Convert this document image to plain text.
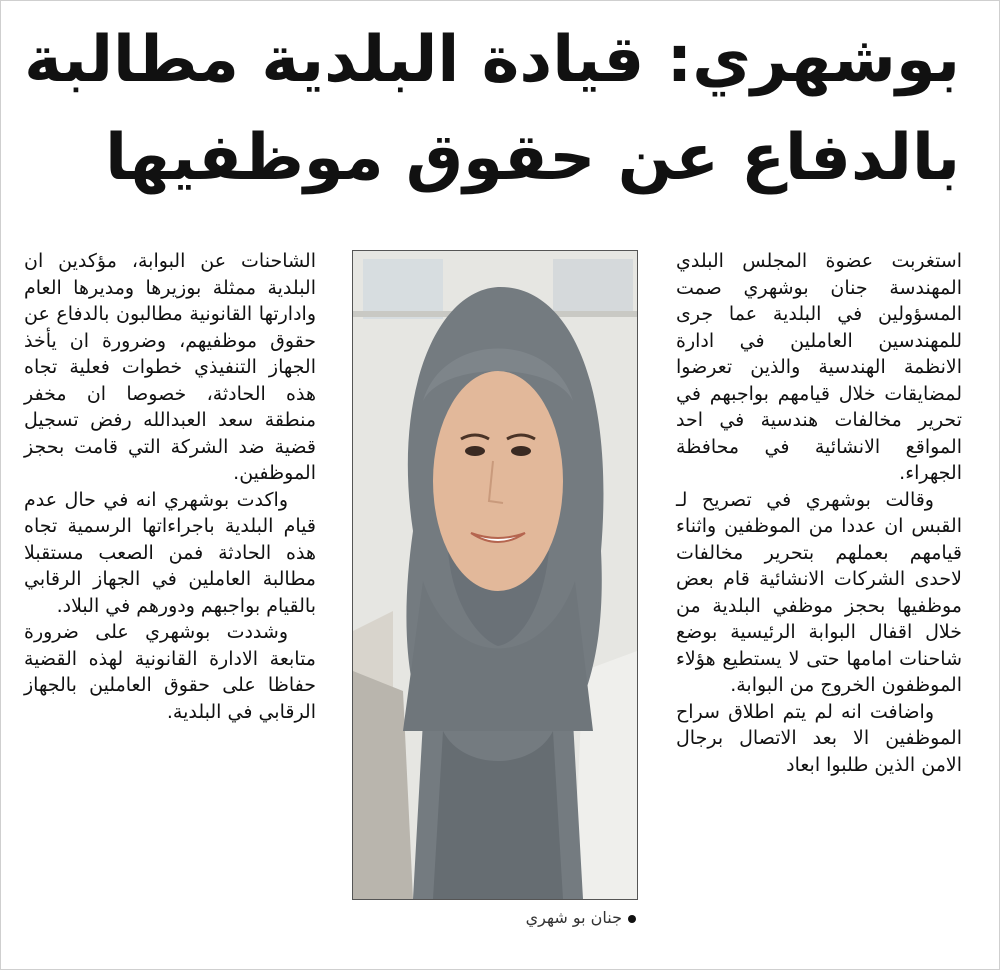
بوشهري: قيادة البلدية مطالبة
بالدفاع عن حقوق موظفيها

استغربت عضوة المجلس البلدي المهندسة جنان بوشهري صمت المسؤولين في البلدية عما جرى للمهندسين العاملين في ادارة الانظمة الهندسية والذين تعرضوا لمضايقات خلال قيامهم بواجبهم في تحرير مخالفات هندسية في احد المواقع الانشائية في محافظة الجهراء.

وقالت بوشهري في تصريح لـ القبس ان عددا من الموظفين واثناء قيامهم بعملهم بتحرير مخالفات لاحدى الشركات الانشائية قام بعض موظفيها بحجز موظفي البلدية من خلال اقفال البوابة الرئيسية بوضع شاحنات امامها حتى لا يستطيع هؤلاء الموظفون الخروج من البوابة.

واضافت انه لم يتم اطلاق سراح الموظفين الا بعد الاتصال برجال الامن الذين طلبوا ابعاد

جنان بو شهري

الشاحنات عن البوابة، مؤكدين ان البلدية ممثلة بوزيرها ومديرها العام وادارتها القانونية مطالبون بالدفاع عن حقوق موظفيهم، وضرورة ان يأخذ الجهاز التنفيذي خطوات فعلية تجاه هذه الحادثة، خصوصا ان مخفر منطقة سعد العبدالله رفض تسجيل قضية ضد الشركة التي قامت بحجز الموظفين.

واكدت بوشهري انه في حال عدم قيام البلدية باجراءاتها الرسمية تجاه هذه الحادثة فمن الصعب مستقبلا مطالبة العاملين في الجهاز الرقابي بالقيام بواجبهم ودورهم في البلاد.

وشددت بوشهري على ضرورة متابعة الادارة القانونية لهذه القضية حفاظا على حقوق العاملين بالجهاز الرقابي في البلدية.
